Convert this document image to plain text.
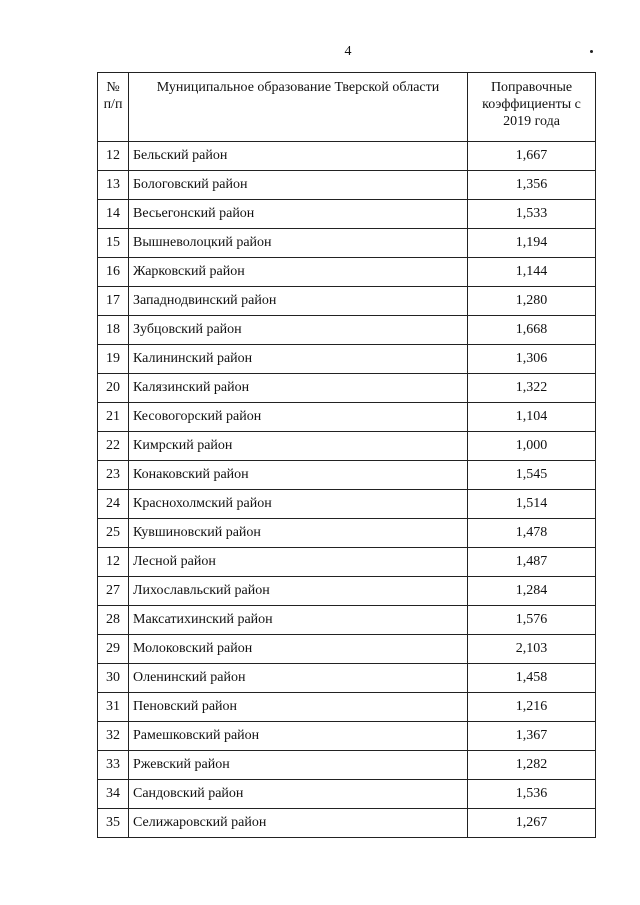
4
№ п/п	Муниципальное образование Тверской области	Поправочные коэффициенты с 2019 года
12	Бельский район	1,667
13	Бологовский район	1,356
14	Весьегонский район	1,533
15	Вышневолоцкий район	1,194
16	Жарковский район	1,144
17	Западнодвинский район	1,280
18	Зубцовский район	1,668
19	Калининский район	1,306
20	Калязинский район	1,322
21	Кесовогорский район	1,104
22	Кимрский район	1,000
23	Конаковский район	1,545
24	Краснохолмский район	1,514
25	Кувшиновский район	1,478
12	Лесной район	1,487
27	Лихославльский район	1,284
28	Максатихинский район	1,576
29	Молоковский район	2,103
30	Оленинский район	1,458
31	Пеновский район	1,216
32	Рамешковский район	1,367
33	Ржевский район	1,282
34	Сандовский район	1,536
35	Селижаровский район	1,267
